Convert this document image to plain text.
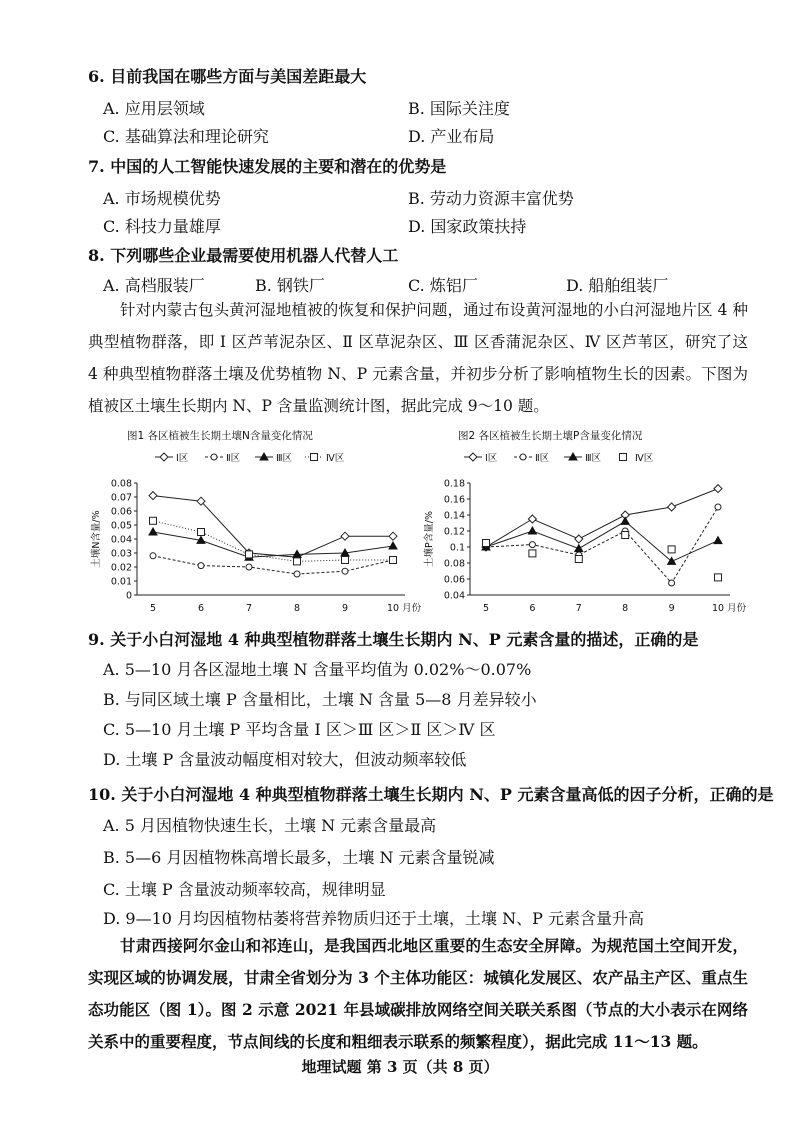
6. 目前我国在哪些方面与美国差距最大
A. 应用层领域	B. 国际关注度
C. 基础算法和理论研究	D. 产业布局
7. 中国的人工智能快速发展的主要和潜在的优势是
A. 市场规模优势	B. 劳动力资源丰富优势
C. 科技力量雄厚	D. 国家政策扶持
8. 下列哪些企业最需要使用机器人代替人工
A. 高档服装厂	B. 钢铁厂	C. 炼铝厂	D. 船舶组装厂
针对内蒙古包头黄河湿地植被的恢复和保护问题，通过布设黄河湿地的小白河湿地片区 4 种典型植物群落，即 Ⅰ 区芦苇泥杂区、Ⅱ 区草泥杂区、Ⅲ 区香蒲泥杂区、Ⅳ 区芦苇区，研究了这 4 种典型植物群落土壤及优势植物 N、P 元素含量，并初步分析了影响植物生长的因素。下图为植被区土壤生长期内 N、P 含量监测统计图，据此完成 9～10 题。
图1 各区植被生长期土壤N含量变化情况
Ⅰ区	Ⅱ区	Ⅲ区	Ⅳ区
0
0.01
0.02
0.03
0.04
0.05
0.06
0.07
0.08
土壤N含量/%
5	6	7	8	9	10 月份
图2 各区植被生长期土壤P含量变化情况
Ⅰ区	Ⅱ区	Ⅲ区	Ⅳ区
0.04
0.06
0.08
0.1
0.12
0.14
0.16
0.18
土壤P含量/%
5	6	7	8	9	10 月份
9. 关于小白河湿地 4 种典型植物群落土壤生长期内 N、P 元素含量的描述，正确的是
A. 5—10 月各区湿地土壤 N 含量平均值为 0.02%～0.07%
B. 与同区域土壤 P 含量相比，土壤 N 含量 5—8 月差异较小
C. 5—10 月土壤 P 平均含量 Ⅰ 区＞Ⅲ 区＞Ⅱ 区＞Ⅳ 区
D. 土壤 P 含量波动幅度相对较大，但波动频率较低
10. 关于小白河湿地 4 种典型植物群落土壤生长期内 N、P 元素含量高低的因子分析，正确的是
A. 5 月因植物快速生长，土壤 N 元素含量最高
B. 5—6 月因植物株高增长最多，土壤 N 元素含量锐减
C. 土壤 P 含量波动频率较高，规律明显
D. 9—10 月均因植物枯萎将营养物质归还于土壤，土壤 N、P 元素含量升高
甘肃西接阿尔金山和祁连山，是我国西北地区重要的生态安全屏障。为规范国土空间开发，实现区域的协调发展，甘肃全省划分为 3 个主体功能区：城镇化发展区、农产品主产区、重点生态功能区（图 1）。图 2 示意 2021 年县域碳排放网络空间关联关系图（节点的大小表示在网络关系中的重要程度，节点间线的长度和粗细表示联系的频繁程度），据此完成 11～13 题。
地理试题 第 3 页（共 8 页）
